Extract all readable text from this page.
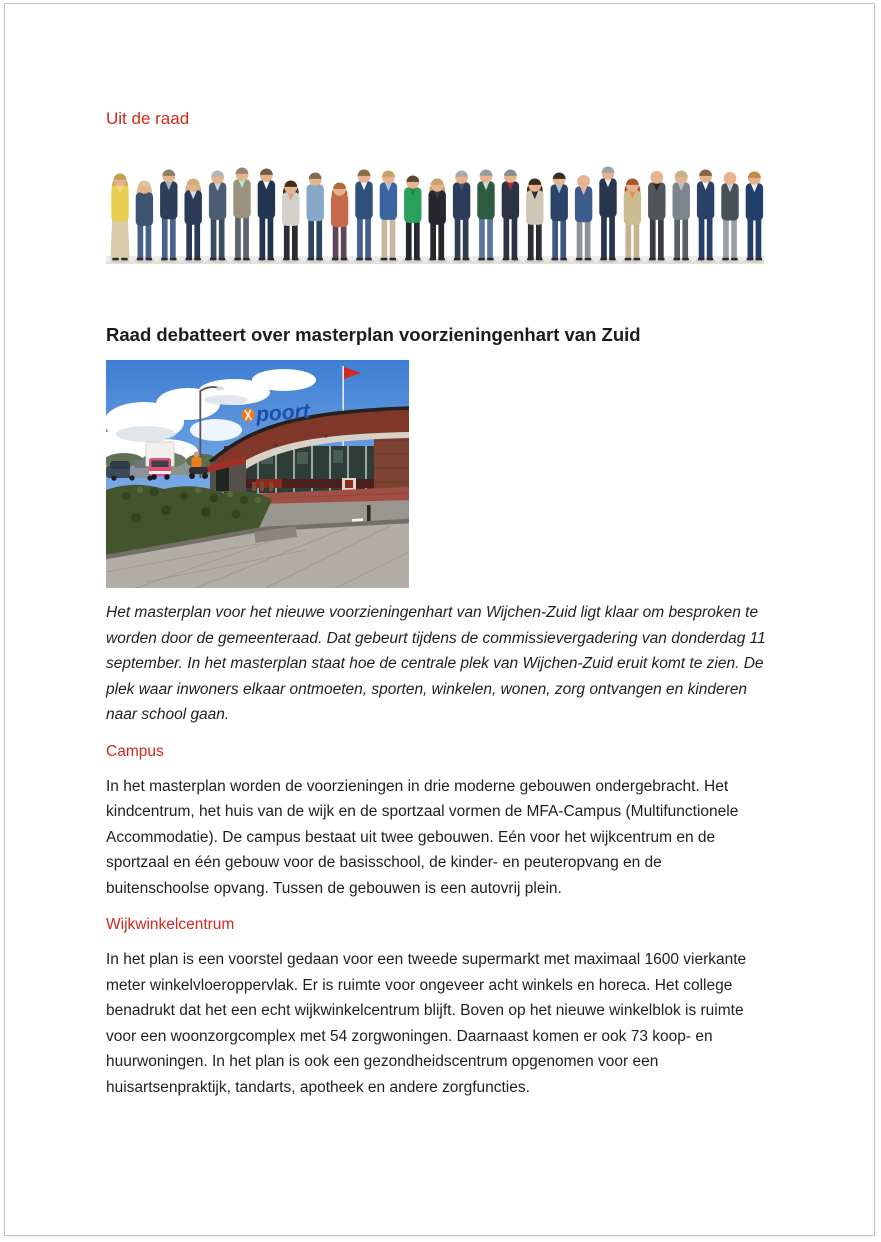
Uit de raad
Raad debatteert over masterplan voorzieningenhart van Zuid
poort

Het masterplan voor het nieuwe voorzieningenhart van Wijchen-Zuid ligt klaar om besproken te worden door de gemeenteraad. Dat gebeurt tijdens de commissievergadering van donderdag 11 september. In het masterplan staat hoe de centrale plek van Wijchen-Zuid eruit komt te zien. De plek waar inwoners elkaar ontmoeten, sporten, winkelen, wonen, zorg ontvangen en kinderen naar school gaan.

Campus

In het masterplan worden de voorzieningen in drie moderne gebouwen ondergebracht. Het kindcentrum, het huis van de wijk en de sportzaal vormen de MFA-Campus (Multifunctionele Accommodatie). De campus bestaat uit twee gebouwen. Eén voor het wijkcentrum en de sportzaal en één gebouw voor de basisschool, de kinder- en peuteropvang en de buitenschoolse opvang. Tussen de gebouwen is een autovrij plein.

Wijkwinkelcentrum

In het plan is een voorstel gedaan voor een tweede supermarkt met maximaal 1600 vierkante meter winkelvloeroppervlak. Er is ruimte voor ongeveer acht winkels en horeca. Het college benadrukt dat het een echt wijkwinkelcentrum blijft. Boven op het nieuwe winkelblok is ruimte voor een woonzorgcomplex met 54 zorgwoningen. Daarnaast komen er ook 73 koop- en huurwoningen. In het plan is ook een gezondheidscentrum opgenomen voor een huisartsenpraktijk, tandarts, apotheek en andere zorgfuncties.
